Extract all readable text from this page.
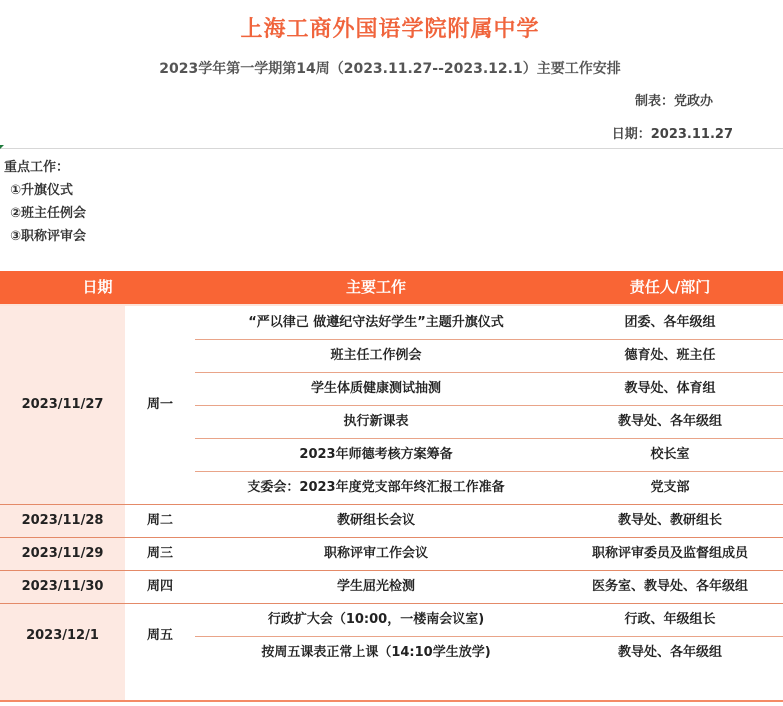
上海工商外国语学院附属中学
2023学年第一学期第14周（2023.11.27--2023.12.1）主要工作安排
制表：党政办
日期：2023.11.27
重点工作：
①升旗仪式
②班主任例会
③职称评审会
日期	主要工作	责任人/部门
2023/11/27	周一
“严以律己 做遵纪守法好学生”主题升旗仪式	团委、各年级组
班主任工作例会	德育处、班主任
学生体质健康测试抽测	教导处、体育组
执行新课表	教导处、各年级组
2023年师德考核方案筹备	校长室
支委会：2023年度党支部年终汇报工作准备	党支部
2023/11/28	周二	教研组长会议	教导处、教研组长
2023/11/29	周三	职称评审工作会议	职称评审委员及监督组成员
2023/11/30	周四	学生屈光检测	医务室、教导处、各年级组
2023/12/1	周五
行政扩大会（10:00，一楼南会议室)	行政、年级组长
按周五课表正常上课（14:10学生放学)	教导处、各年级组
